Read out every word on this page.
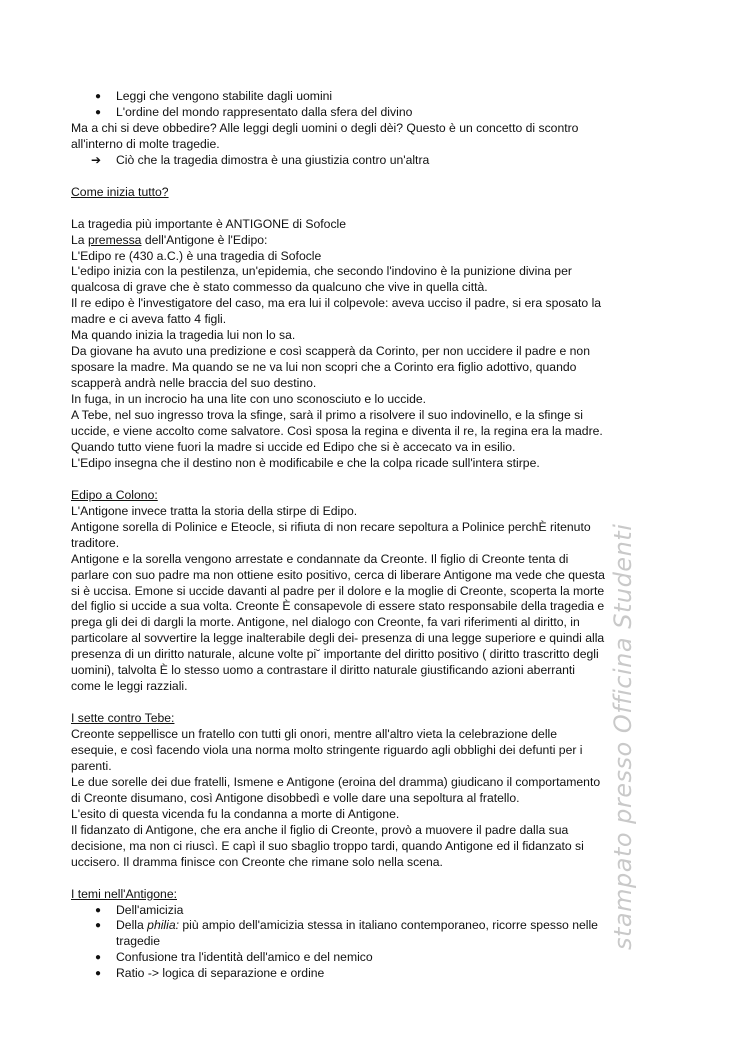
stampato presso Officina Studenti
● Leggi che vengono stabilite dagli uomini
● L'ordine del mondo rappresentato dalla sfera del divino

Ma a chi si deve obbedire? Alle leggi degli uomini o degli dèi? Questo è un concetto di scontro

all'interno di molte tragedie.

➔ Ciò che la tragedia dimostra è una giustizia contro un'altra

Come inizia tutto?

La tragedia più importante è ANTIGONE di Sofocle

La premessa dell'Antigone è l'Edipo:

L'Edipo re (430 a.C.) è una tragedia di Sofocle

L'edipo inizia con la pestilenza, un'epidemia, che secondo l'indovino è la punizione divina per

qualcosa di grave che è stato commesso da qualcuno che vive in quella città.

Il re edipo è l'investigatore del caso, ma era lui il colpevole: aveva ucciso il padre, si era sposato la

madre e ci aveva fatto 4 figli.

Ma quando inizia la tragedia lui non lo sa.

Da giovane ha avuto una predizione e così scapperà da Corinto, per non uccidere il padre e non

sposare la madre. Ma quando se ne va lui non scopri che a Corinto era figlio adottivo, quando

scapperà andrà nelle braccia del suo destino.

In fuga, in un incrocio ha una lite con uno sconosciuto e lo uccide.

A Tebe, nel suo ingresso trova la sfinge, sarà il primo a risolvere il suo indovinello, e la sfinge si

uccide, e viene accolto come salvatore. Così sposa la regina e diventa il re, la regina era la madre.

Quando tutto viene fuori la madre si uccide ed Edipo che si è accecato va in esilio.

L'Edipo insegna che il destino non è modificabile e che la colpa ricade sull'intera stirpe.

Edipo a Colono:

L'Antigone invece tratta la storia della stirpe di Edipo.

Antigone sorella di Polinice e Eteocle, si rifiuta di non recare sepoltura a Polinice perchÈ ritenuto

traditore.

Antigone e la sorella vengono arrestate e condannate da Creonte. Il figlio di Creonte tenta di

parlare con suo padre ma non ottiene esito positivo, cerca di liberare Antigone ma vede che questa

si è uccisa. Emone si uccide davanti al padre per il dolore e la moglie di Creonte, scoperta la morte

del figlio si uccide a sua volta. Creonte È consapevole di essere stato responsabile della tragedia e

prega gli dei di dargli la morte. Antigone, nel dialogo con Creonte, fa vari riferimenti al diritto, in

particolare al sovvertire la legge inalterabile degli dei- presenza di una legge superiore e quindi alla

presenza di un diritto naturale, alcune volte pi˘ importante del diritto positivo ( diritto trascritto degli

uomini), talvolta È lo stesso uomo a contrastare il diritto naturale giustificando azioni aberranti

come le leggi razziali.

I sette contro Tebe:

Creonte seppellisce un fratello con tutti gli onori, mentre all'altro vieta la celebrazione delle

esequie, e così facendo viola una norma molto stringente riguardo agli obblighi dei defunti per i

parenti.

Le due sorelle dei due fratelli, Ismene e Antigone (eroina del dramma) giudicano il comportamento

di Creonte disumano, così Antigone disobbedì e volle dare una sepoltura al fratello.

L'esito di questa vicenda fu la condanna a morte di Antigone.

Il fidanzato di Antigone, che era anche il figlio di Creonte, provò a muovere il padre dalla sua

decisione, ma non ci riuscì. E capì il suo sbaglio troppo tardi, quando Antigone ed il fidanzato si

uccisero. Il dramma finisce con Creonte che rimane solo nella scena.

I temi nell'Antigone:

● Dell'amicizia
● Della philia: più ampio dell'amicizia stessa in italiano contemporaneo, ricorre spesso nelle
tragedie
● Confusione tra l'identità dell'amico e del nemico
● Ratio -> logica di separazione e ordine
